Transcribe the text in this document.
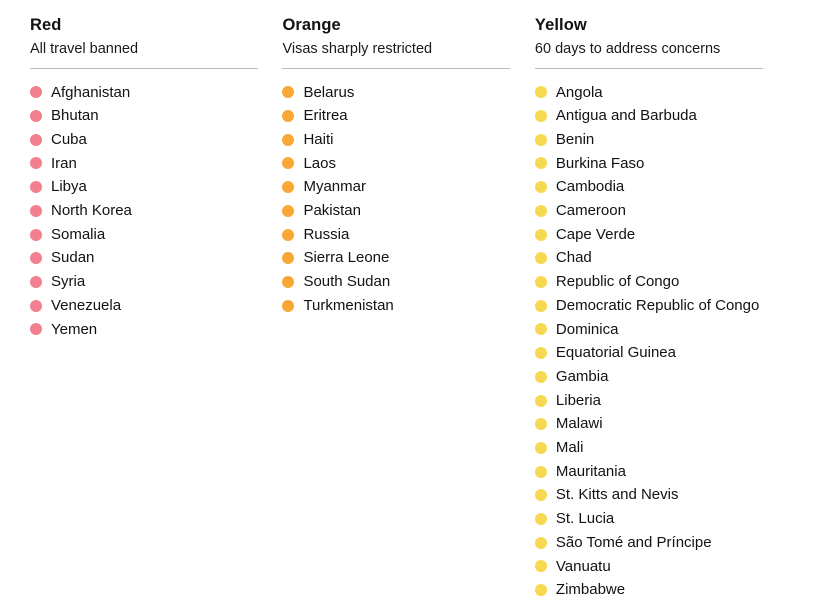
Red
All travel banned
Afghanistan
Bhutan
Cuba
Iran
Libya
North Korea
Somalia
Sudan
Syria
Venezuela
Yemen
Orange
Visas sharply restricted
Belarus
Eritrea
Haiti
Laos
Myanmar
Pakistan
Russia
Sierra Leone
South Sudan
Turkmenistan
Yellow
60 days to address concerns
Angola
Antigua and Barbuda
Benin
Burkina Faso
Cambodia
Cameroon
Cape Verde
Chad
Republic of Congo
Democratic Republic of Congo
Dominica
Equatorial Guinea
Gambia
Liberia
Malawi
Mali
Mauritania
St. Kitts and Nevis
St. Lucia
São Tomé and Príncipe
Vanuatu
Zimbabwe
